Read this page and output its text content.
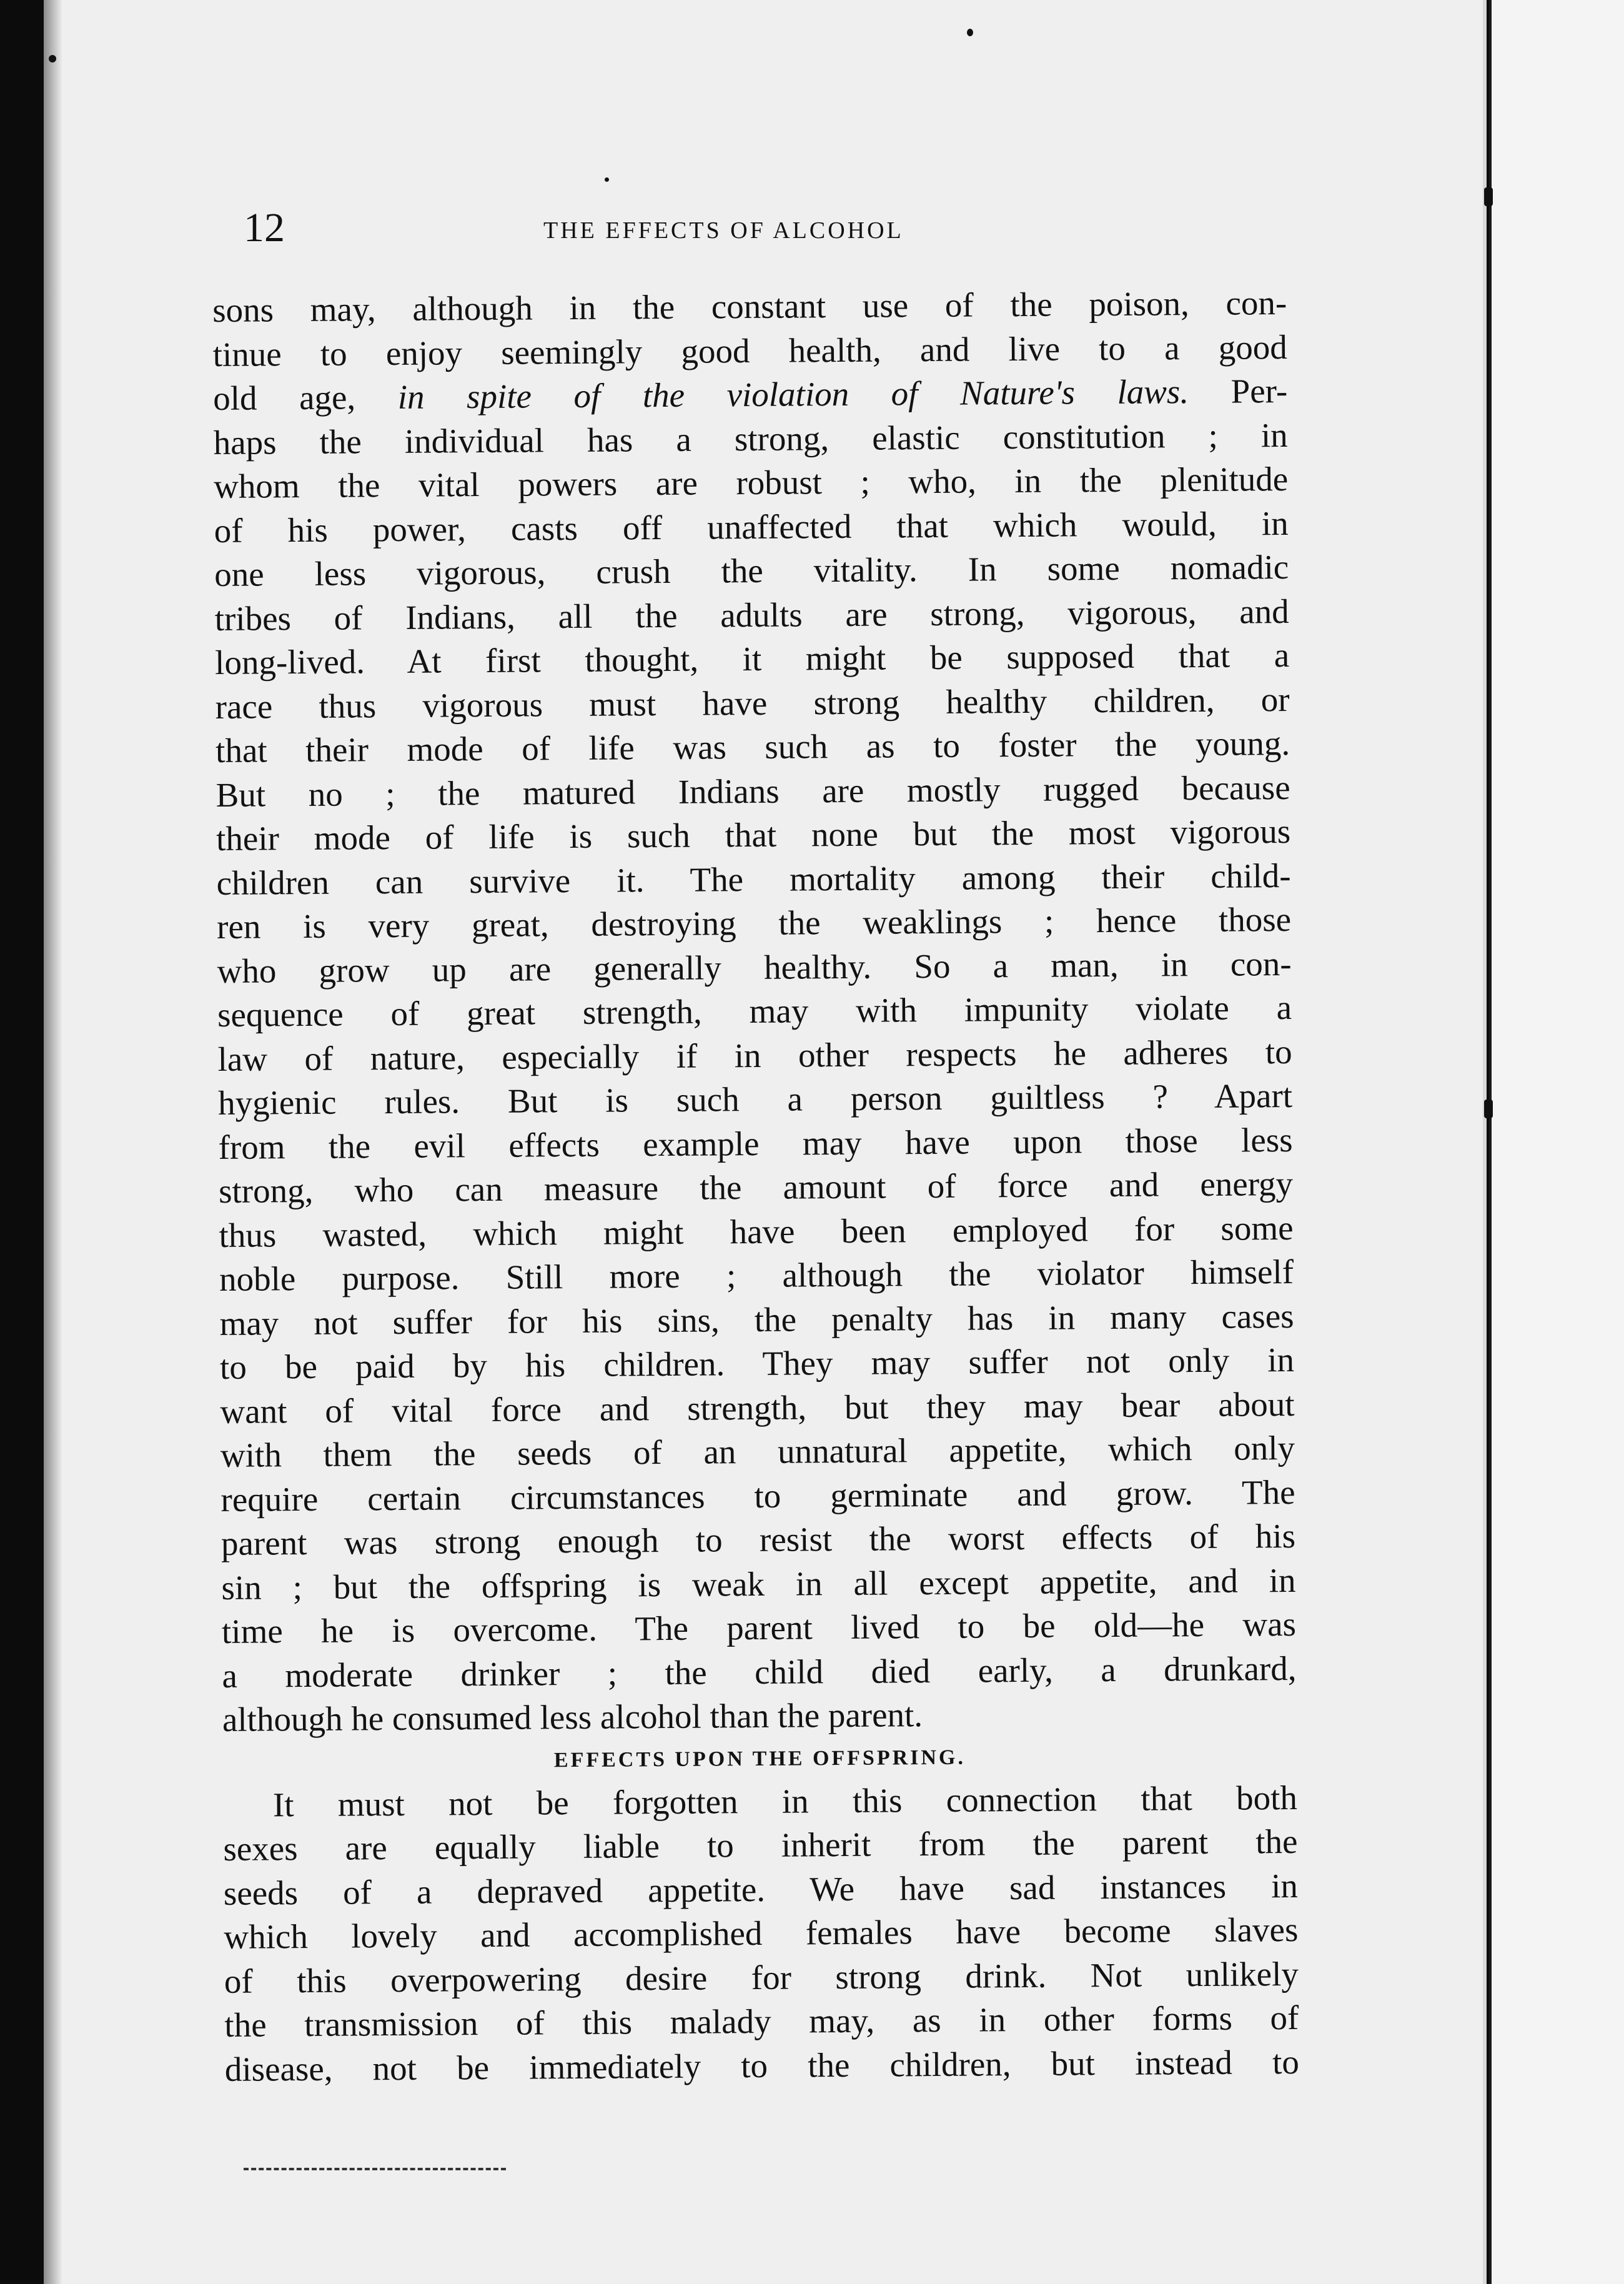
12	THE EFFECTS OF ALCOHOL
sons may, although in the constant use of the poison, con-
tinue to enjoy seemingly good health, and live to a good
old age, in spite of the violation of Nature's laws. Per-
haps the individual has a strong, elastic constitution ; in
whom the vital powers are robust ; who, in the plenitude
of his power, casts off unaffected that which would, in
one less vigorous, crush the vitality. In some nomadic
tribes of Indians, all the adults are strong, vigorous, and
long-lived. At first thought, it might be supposed that a
race thus vigorous must have strong healthy children, or
that their mode of life was such as to foster the young.
But no ; the matured Indians are mostly rugged because
their mode of life is such that none but the most vigorous
children can survive it. The mortality among their child-
ren is very great, destroying the weaklings ; hence those
who grow up are generally healthy. So a man, in con-
sequence of great strength, may with impunity violate a
law of nature, especially if in other respects he adheres to
hygienic rules. But is such a person guiltless ? Apart
from the evil effects example may have upon those less
strong, who can measure the amount of force and energy
thus wasted, which might have been employed for some
noble purpose. Still more ; although the violator himself
may not suffer for his sins, the penalty has in many cases
to be paid by his children. They may suffer not only in
want of vital force and strength, but they may bear about
with them the seeds of an unnatural appetite, which only
require certain circumstances to germinate and grow. The
parent was strong enough to resist the worst effects of his
sin ; but the offspring is weak in all except appetite, and in
time he is overcome. The parent lived to be old—he was
a moderate drinker ; the child died early, a drunkard,
although he consumed less alcohol than the parent.
EFFECTS UPON THE OFFSPRING.
It must not be forgotten in this connection that both
sexes are equally liable to inherit from the parent the
seeds of a depraved appetite. We have sad instances in
which lovely and accomplished females have become slaves
of this overpowering desire for strong drink. Not unlikely
the transmission of this malady may, as in other forms of
disease, not be immediately to the children, but instead to
